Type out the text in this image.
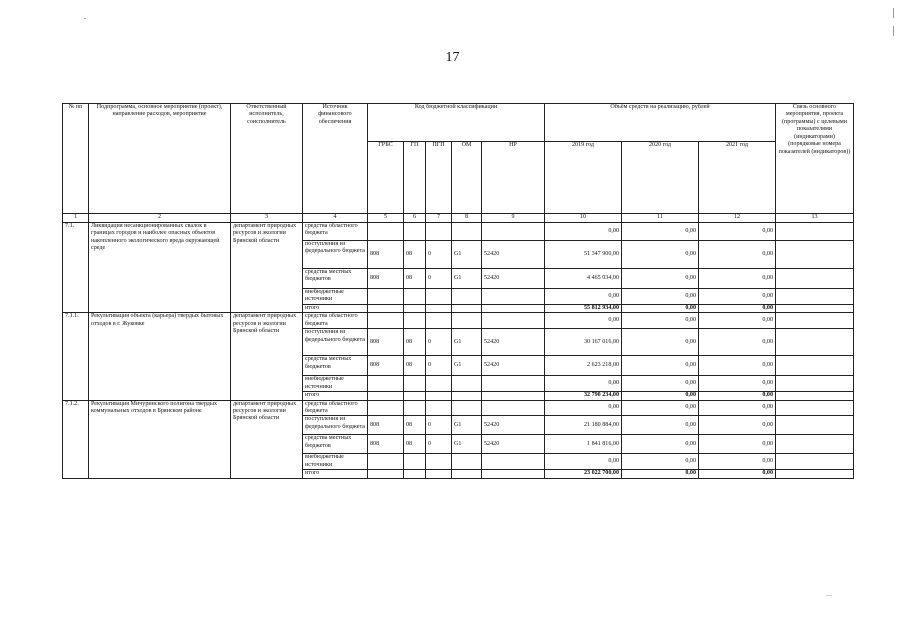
17
№ пп	Подпрограмма, основное мероприятие (проект), направление расходов, мероприятие	Ответственный исполнитель, соисполнитель	Источник финансового обеспечения	Код бюджетной классификации					Объём средств на реализацию, рублей			Связь основного мероприятия, проекта (программы) с целевыми показателями (индикаторами) (порядковые номера показателей (индикаторов))
				ГРБС	ГП	ПГП	ОМ	НР	2019 год	2020 год	2021 год	
1	2	3	4	5	6	7	8	9	10	11	12	13
7.1.	Ликвидация несанкционированных свалок в границах городов и наиболее опасных объектов накопленного экологического вреда окружающей среде	департамент природных ресурсов и экологии Брянской области	средства областного бюджета						0,00	0,00	0,00	
			поступления из федерального бюджета	808	08	0	G1	52420	51 347 900,00	0,00	0,00	
			средства местных бюджетов	808	08	0	G1	52420	4 465 034,00	0,00	0,00	
			внебюджетные источники						0,00	0,00	0,00	
			итого						55 812 934,00	0,00	0,00	
7.1.1.	Рекультивация объекта (карьера) твердых бытовых отходов в г. Жуковке	департамент природных ресурсов и экологии Брянской области	средства областного бюджета						0,00	0,00	0,00	
			поступления из федерального бюджета	808	08	0	G1	52420	30 167 016,00	0,00	0,00	
			средства местных бюджетов	808	08	0	G1	52420	2 623 218,00	0,00	0,00	
			внебюджетные источники						0,00	0,00	0,00	
			итого						32 790 234,00	0,00	0,00	
7.1.2.	Рекультивация Мичуринского полигона твердых коммунальных отходов в Брянском районе	департамент природных ресурсов и экологии Брянской области	средства областного бюджета						0,00	0,00	0,00	
			поступления из федерального бюджета	808	08	0	G1	52420	21 180 884,00	0,00	0,00	
			средства местных бюджетов	808	08	0	G1	52420	1 841 816,00	0,00	0,00	
			внебюджетные источники						0,00	0,00	0,00	
			итого						23 022 700,00	0,00	0,00	
—
